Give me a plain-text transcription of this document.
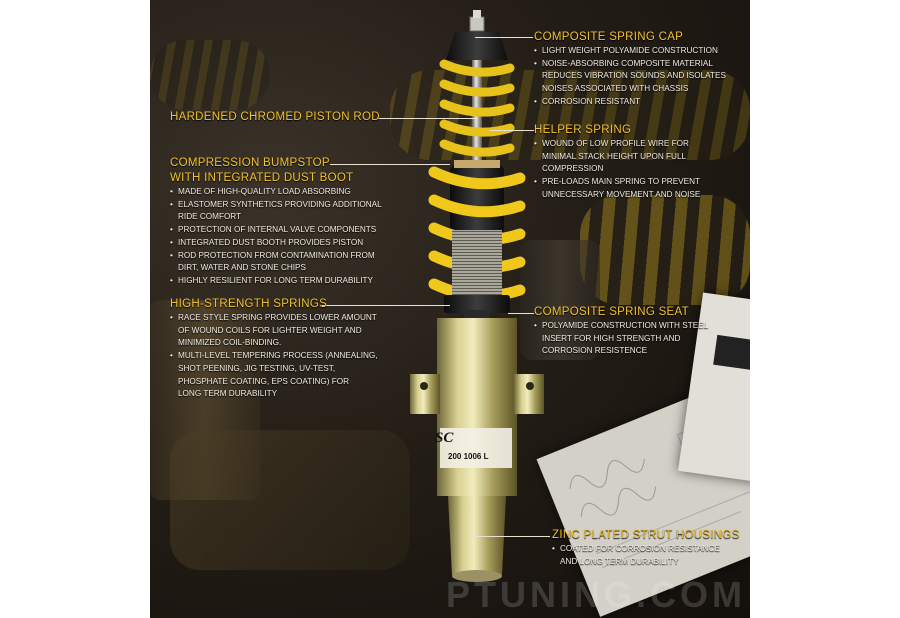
SC
200 1006 L
PTUNING.COM
COMPOSITE SPRING CAP
• LIGHT WEIGHT POLYAMIDE CONSTRUCTION
• NOISE-ABSORBING COMPOSITE MATERIAL
REDUCES VIBRATION SOUNDS AND ISOLATES
NOISES ASSOCIATED WITH CHASSIS
• CORROSION RESISTANT
HARDENED CHROMED PISTON ROD
HELPER SPRING
• WOUND OF LOW PROFILE WIRE FOR
MINIMAL STACK HEIGHT UPON FULL
COMPRESSION
• PRE-LOADS MAIN SPRING TO PREVENT
UNNECESSARY MOVEMENT AND NOISE
COMPRESSION BUMPSTOP
WITH INTEGRATED DUST BOOT
• MADE OF HIGH-QUALITY LOAD ABSORBING
• ELASTOMER SYNTHETICS PROVIDING ADDITIONAL
RIDE COMFORT
• PROTECTION OF INTERNAL VALVE COMPONENTS
• INTEGRATED DUST BOOTH PROVIDES PISTON
• ROD PROTECTION FROM CONTAMINATION FROM
DIRT, WATER AND STONE CHIPS
• HIGHLY RESILIENT FOR LONG TERM DURABILITY
HIGH-STRENGTH SPRINGS
• RACE STYLE SPRING PROVIDES LOWER AMOUNT
OF WOUND COILS FOR LIGHTER WEIGHT AND
MINIMIZED COIL-BINDING.
• MULTI-LEVEL TEMPERING PROCESS (ANNEALING,
SHOT PEENING, JIG TESTING, UV-TEST,
PHOSPHATE COATING, EPS COATING) FOR
LONG TERM DURABILITY
COMPOSITE SPRING SEAT
• POLYAMIDE CONSTRUCTION WITH STEEL
INSERT FOR HIGH STRENGTH AND
CORROSION RESISTENCE
ZINC PLATED STRUT HOUSINGS
• COATED FOR CORROSION RESISTANCE
AND LONG TERM DURABILITY
